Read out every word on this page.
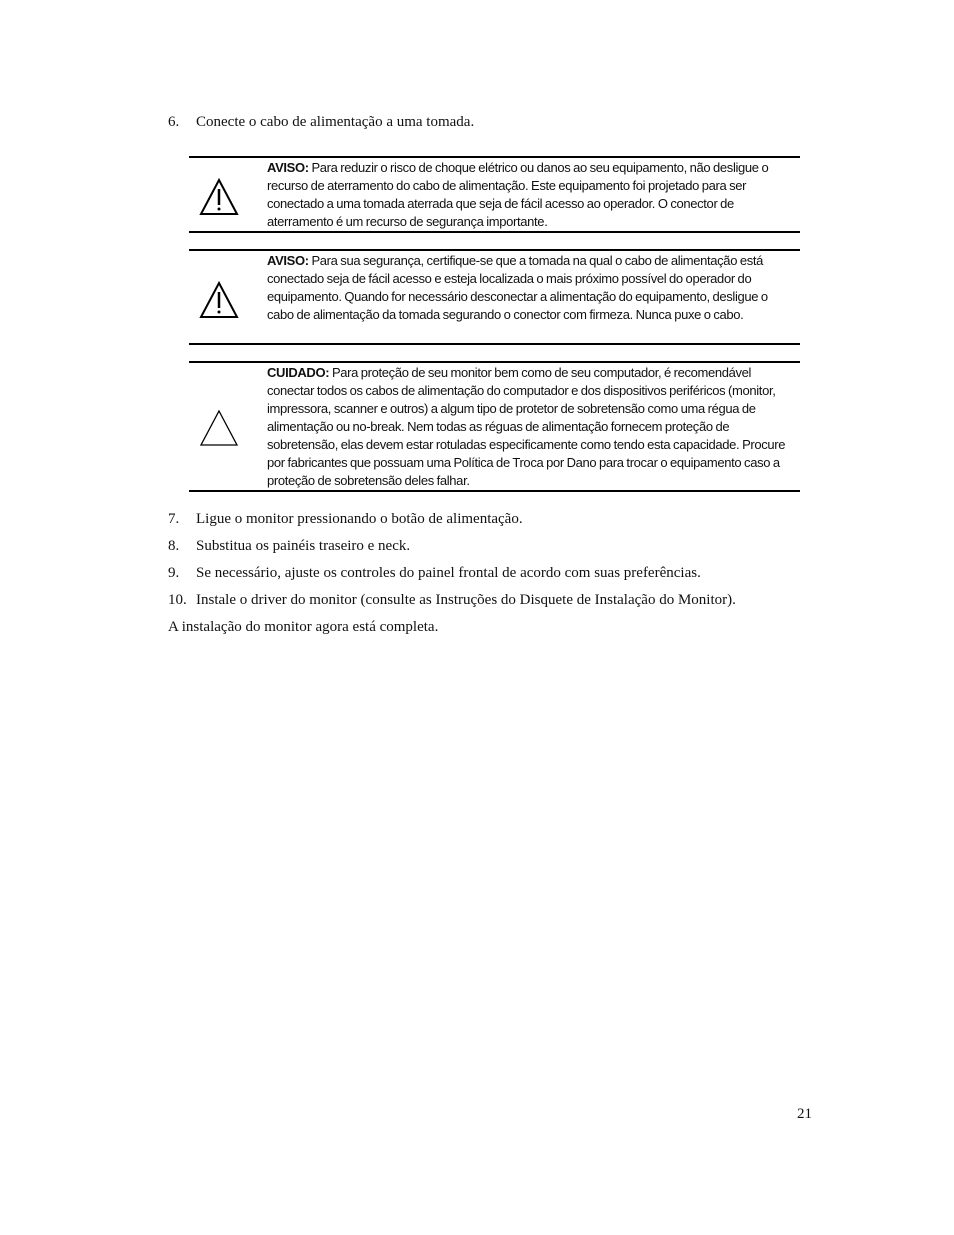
6. Conecte o cabo de alimentação a uma tomada.
AVISO: Para reduzir o risco de choque elétrico ou danos ao seu equipamento, não desligue o recurso de aterramento do cabo de alimentação. Este equipamento foi projetado para ser conectado a uma tomada aterrada que seja de fácil acesso ao operador. O conector de aterramento é um recurso de segurança importante.
AVISO: Para sua segurança, certifique-se que a tomada na qual o cabo de alimentação está conectado seja de fácil acesso e esteja localizada o mais próximo possível do operador do equipamento. Quando for necessário desconectar a alimentação do equipamento, desligue o cabo de alimentação da tomada segurando o conector com firmeza. Nunca puxe o cabo.
CUIDADO: Para proteção de seu monitor bem como de seu computador, é recomendável conectar todos os cabos de alimentação do computador e dos dispositivos periféricos (monitor, impressora, scanner e outros) a algum tipo de protetor de sobretensão como uma régua de alimentação ou no-break. Nem todas as réguas de alimentação fornecem proteção de sobretensão, elas devem estar rotuladas especificamente como tendo esta capacidade. Procure por fabricantes que possuam uma Política de Troca por Dano para trocar o equipamento caso a proteção de sobretensão deles falhar.
7. Ligue o monitor pressionando o botão de alimentação.
8. Substitua os painéis traseiro e neck.
9. Se necessário, ajuste os controles do painel frontal de acordo com suas preferências.
10. Instale o driver do monitor (consulte as Instruções do Disquete de Instalação do Monitor).
A instalação do monitor agora está completa.
21
